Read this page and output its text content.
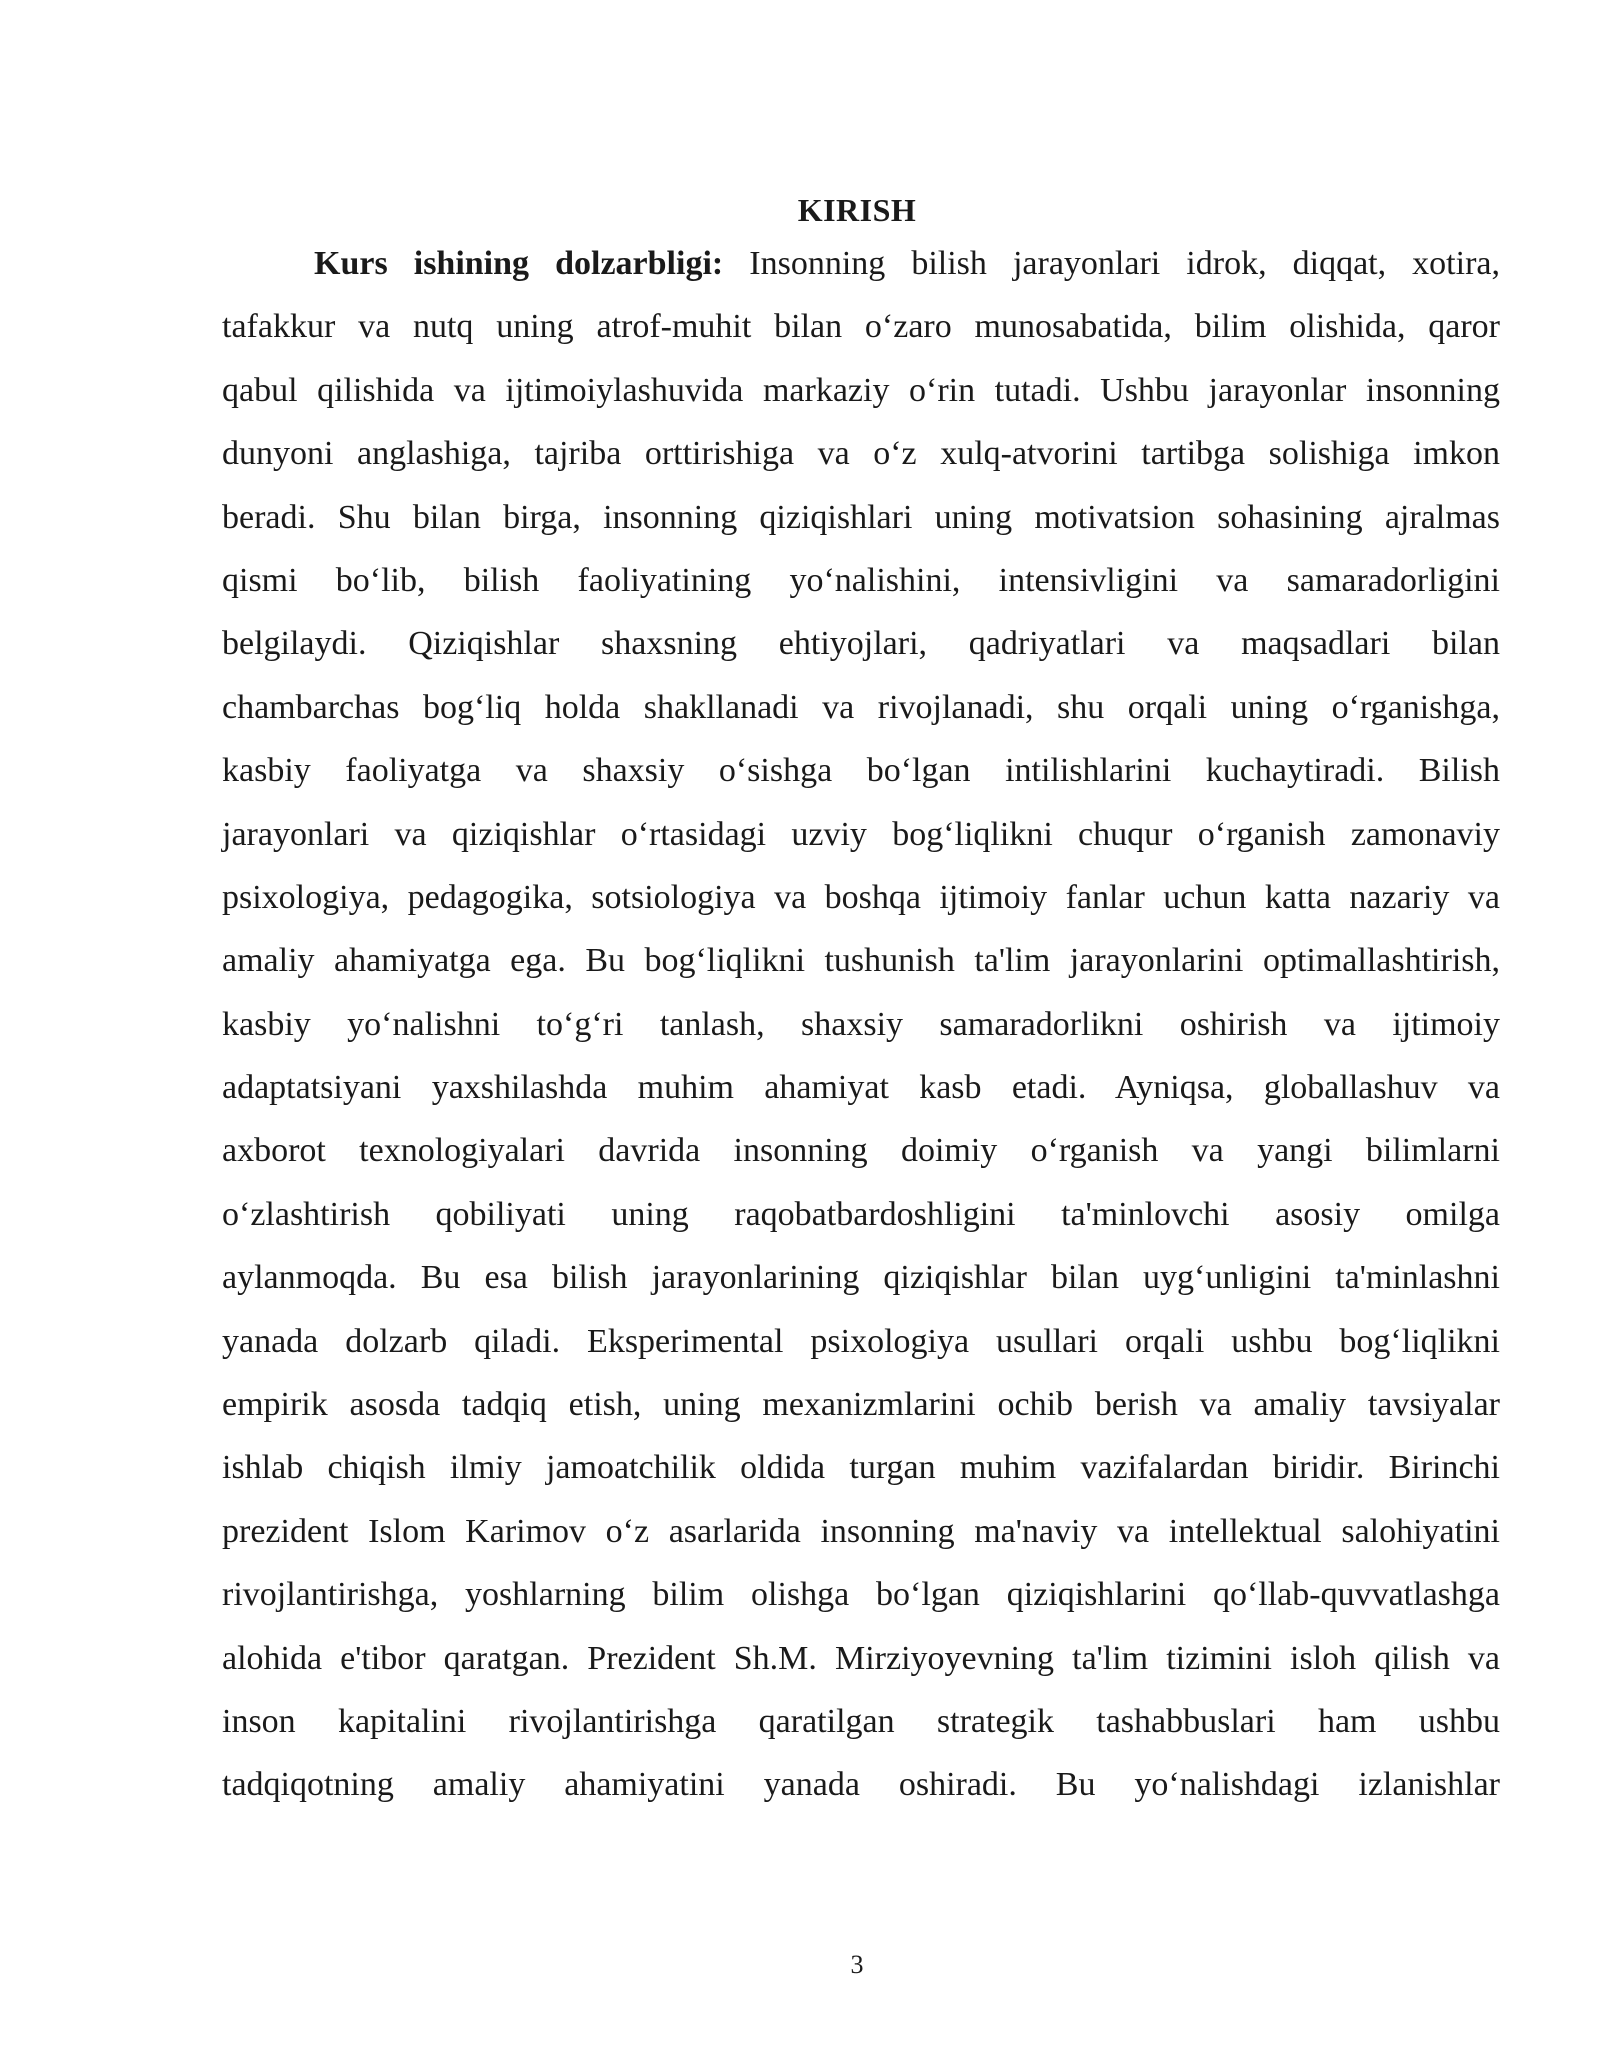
KIRISH
Kurs ishining dolzarbligi: Insonning bilish jarayonlari idrok, diqqat, xotira,
tafakkur va nutq uning atrof-muhit bilan o‘zaro munosabatida, bilim olishida, qaror
qabul qilishida va ijtimoiylashuvida markaziy o‘rin tutadi. Ushbu jarayonlar insonning
dunyoni anglashiga, tajriba orttirishiga va o‘z xulq-atvorini tartibga solishiga imkon
beradi. Shu bilan birga, insonning qiziqishlari uning motivatsion sohasining ajralmas
qismi bo‘lib, bilish faoliyatining yo‘nalishini, intensivligini va samaradorligini
belgilaydi. Qiziqishlar shaxsning ehtiyojlari, qadriyatlari va maqsadlari bilan
chambarchas bog‘liq holda shakllanadi va rivojlanadi, shu orqali uning o‘rganishga,
kasbiy faoliyatga va shaxsiy o‘sishga bo‘lgan intilishlarini kuchaytiradi. Bilish
jarayonlari va qiziqishlar o‘rtasidagi uzviy bog‘liqlikni chuqur o‘rganish zamonaviy
psixologiya, pedagogika, sotsiologiya va boshqa ijtimoiy fanlar uchun katta nazariy va
amaliy ahamiyatga ega. Bu bog‘liqlikni tushunish ta'lim jarayonlarini optimallashtirish,
kasbiy yo‘nalishni to‘g‘ri tanlash, shaxsiy samaradorlikni oshirish va ijtimoiy
adaptatsiyani yaxshilashda muhim ahamiyat kasb etadi. Ayniqsa, globallashuv va
axborot texnologiyalari davrida insonning doimiy o‘rganish va yangi bilimlarni
o‘zlashtirish qobiliyati uning raqobatbardoshligini ta'minlovchi asosiy omilga
aylanmoqda. Bu esa bilish jarayonlarining qiziqishlar bilan uyg‘unligini ta'minlashni
yanada dolzarb qiladi. Eksperimental psixologiya usullari orqali ushbu bog‘liqlikni
empirik asosda tadqiq etish, uning mexanizmlarini ochib berish va amaliy tavsiyalar
ishlab chiqish ilmiy jamoatchilik oldida turgan muhim vazifalardan biridir. Birinchi
prezident Islom Karimov o‘z asarlarida insonning ma'naviy va intellektual salohiyatini
rivojlantirishga, yoshlarning bilim olishga bo‘lgan qiziqishlarini qo‘llab-quvvatlashga
alohida e'tibor qaratgan. Prezident Sh.M. Mirziyoyevning ta'lim tizimini isloh qilish va
inson kapitalini rivojlantirishga qaratilgan strategik tashabbuslari ham ushbu
tadqiqotning amaliy ahamiyatini yanada oshiradi. Bu yo‘nalishdagi izlanishlar
3
